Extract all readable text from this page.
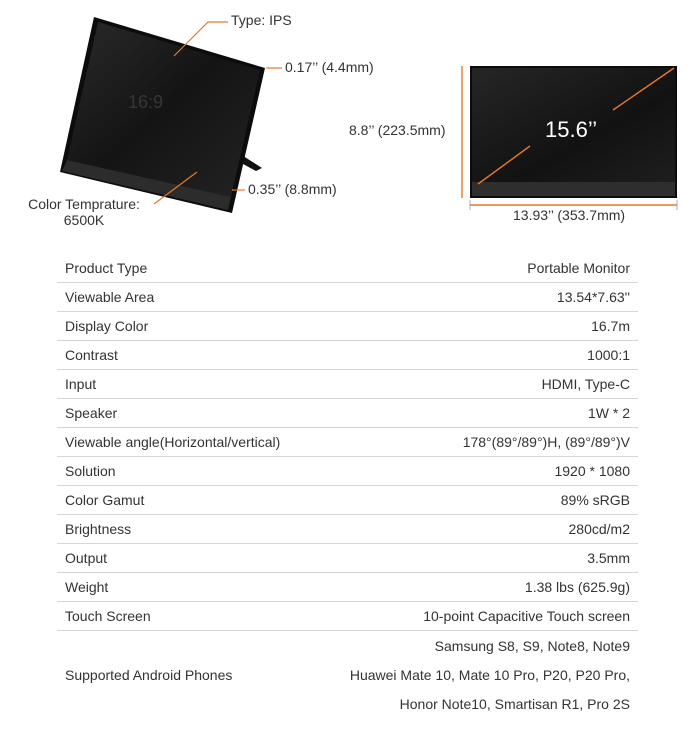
Type: IPS
0.17’’ (4.4mm)
0.35’’ (8.8mm)
Color Temprature:
6500K
16:9
8.8’’ (223.5mm)
13.93’’ (353.7mm)
15.6’’
Product Type	Portable Monitor
Viewable Area	13.54*7.63''
Display Color	16.7m
Contrast	1000:1
Input	HDMI, Type-C
Speaker	1W * 2
Viewable angle(Horizontal/vertical)	178°(89°/89°)H, (89°/89°)V
Solution	1920 * 1080
Color Gamut	89% sRGB
Brightness	280cd/m2
Output	3.5mm
Weight	1.38 lbs (625.9g)
Touch Screen	10-point Capacitive Touch screen
Supported Android Phones
Samsung S8, S9, Note8, Note9
Huawei Mate 10, Mate 10 Pro, P20, P20 Pro,
Honor Note10, Smartisan R1, Pro 2S
